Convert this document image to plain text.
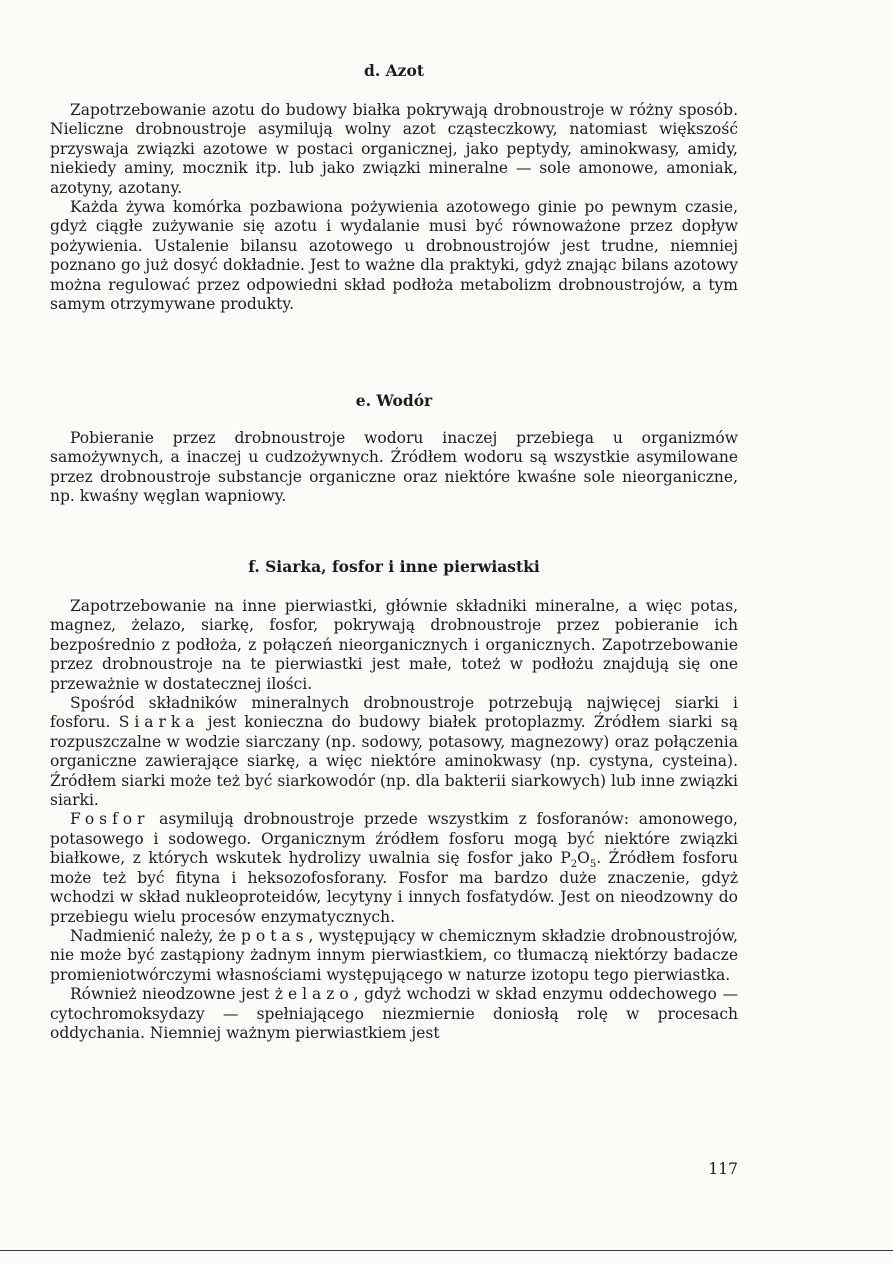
d. Azot

Zapotrzebowanie azotu do budowy białka pokrywają drobnoustroje w różny sposób. Nieliczne drobnoustroje asymilują wolny azot cząsteczkowy, natomiast większość przyswaja związki azotowe w postaci organicznej, jako peptydy, aminokwasy, amidy, niekiedy aminy, mocznik itp. lub jako związki mineralne — sole amonowe, amoniak, azotyny, azotany.

Każda żywa komórka pozbawiona pożywienia azotowego ginie po pewnym czasie, gdyż ciągłe zużywanie się azotu i wydalanie musi być równoważone przez dopływ pożywienia. Ustalenie bilansu azotowego u drobnoustrojów jest trudne, niemniej poznano go już dosyć dokładnie. Jest to ważne dla praktyki, gdyż znając bilans azotowy można regulować przez odpowiedni skład podłoża metabolizm drobnoustrojów, a tym samym otrzymywane produkty.

e. Wodór

Pobieranie przez drobnoustroje wodoru inaczej przebiega u organizmów samożywnych, a inaczej u cudzożywnych. Źródłem wodoru są wszystkie asymilowane przez drobnoustroje substancje organiczne oraz niektóre kwaśne sole nieorganiczne, np. kwaśny węglan wapniowy.

f. Siarka, fosfor i inne pierwiastki

Zapotrzebowanie na inne pierwiastki, głównie składniki mineralne, a więc potas, magnez, żelazo, siarkę, fosfor, pokrywają drobnoustroje przez pobieranie ich bezpośrednio z podłoża, z połączeń nieorganicznych i organicznych. Zapotrzebowanie przez drobnoustroje na te pierwiastki jest małe, toteż w podłożu znajdują się one przeważnie w dostatecznej ilości.

Spośród składników mineralnych drobnoustroje potrzebują najwięcej siarki i fosforu. Siarka jest konieczna do budowy białek protoplazmy. Źródłem siarki są rozpuszczalne w wodzie siarczany (np. sodowy, potasowy, magnezowy) oraz połączenia organiczne zawierające siarkę, a więc niektóre aminokwasy (np. cystyna, cysteina). Źródłem siarki może też być siarkowodór (np. dla bakterii siarkowych) lub inne związki siarki.

Fosfor asymilują drobnoustroje przede wszystkim z fosforanów: amonowego, potasowego i sodowego. Organicznym źródłem fosforu mogą być niektóre związki białkowe, z których wskutek hydrolizy uwalnia się fosfor jako $P_2O_5$. Źródłem fosforu może też być fityna i heksozofosforany. Fosfor ma bardzo duże znaczenie, gdyż wchodzi w skład nukleoproteidów, lecytyny i innych fosfatydów. Jest on nieodzowny do przebiegu wielu procesów enzymatycznych.

Nadmienić należy, że potas, występujący w chemicznym składzie drobnoustrojów, nie może być zastąpiony żadnym innym pierwiastkiem, co tłumaczą niektórzy badacze promieniotwórczymi własnościami występującego w naturze izotopu tego pierwiastka.

Również nieodzowne jest żelazo, gdyż wchodzi w skład enzymu oddechowego — cytochromoksydazy — spełniającego niezmiernie doniosłą rolę w procesach oddychania. Niemniej ważnym pierwiastkiem jest

117
